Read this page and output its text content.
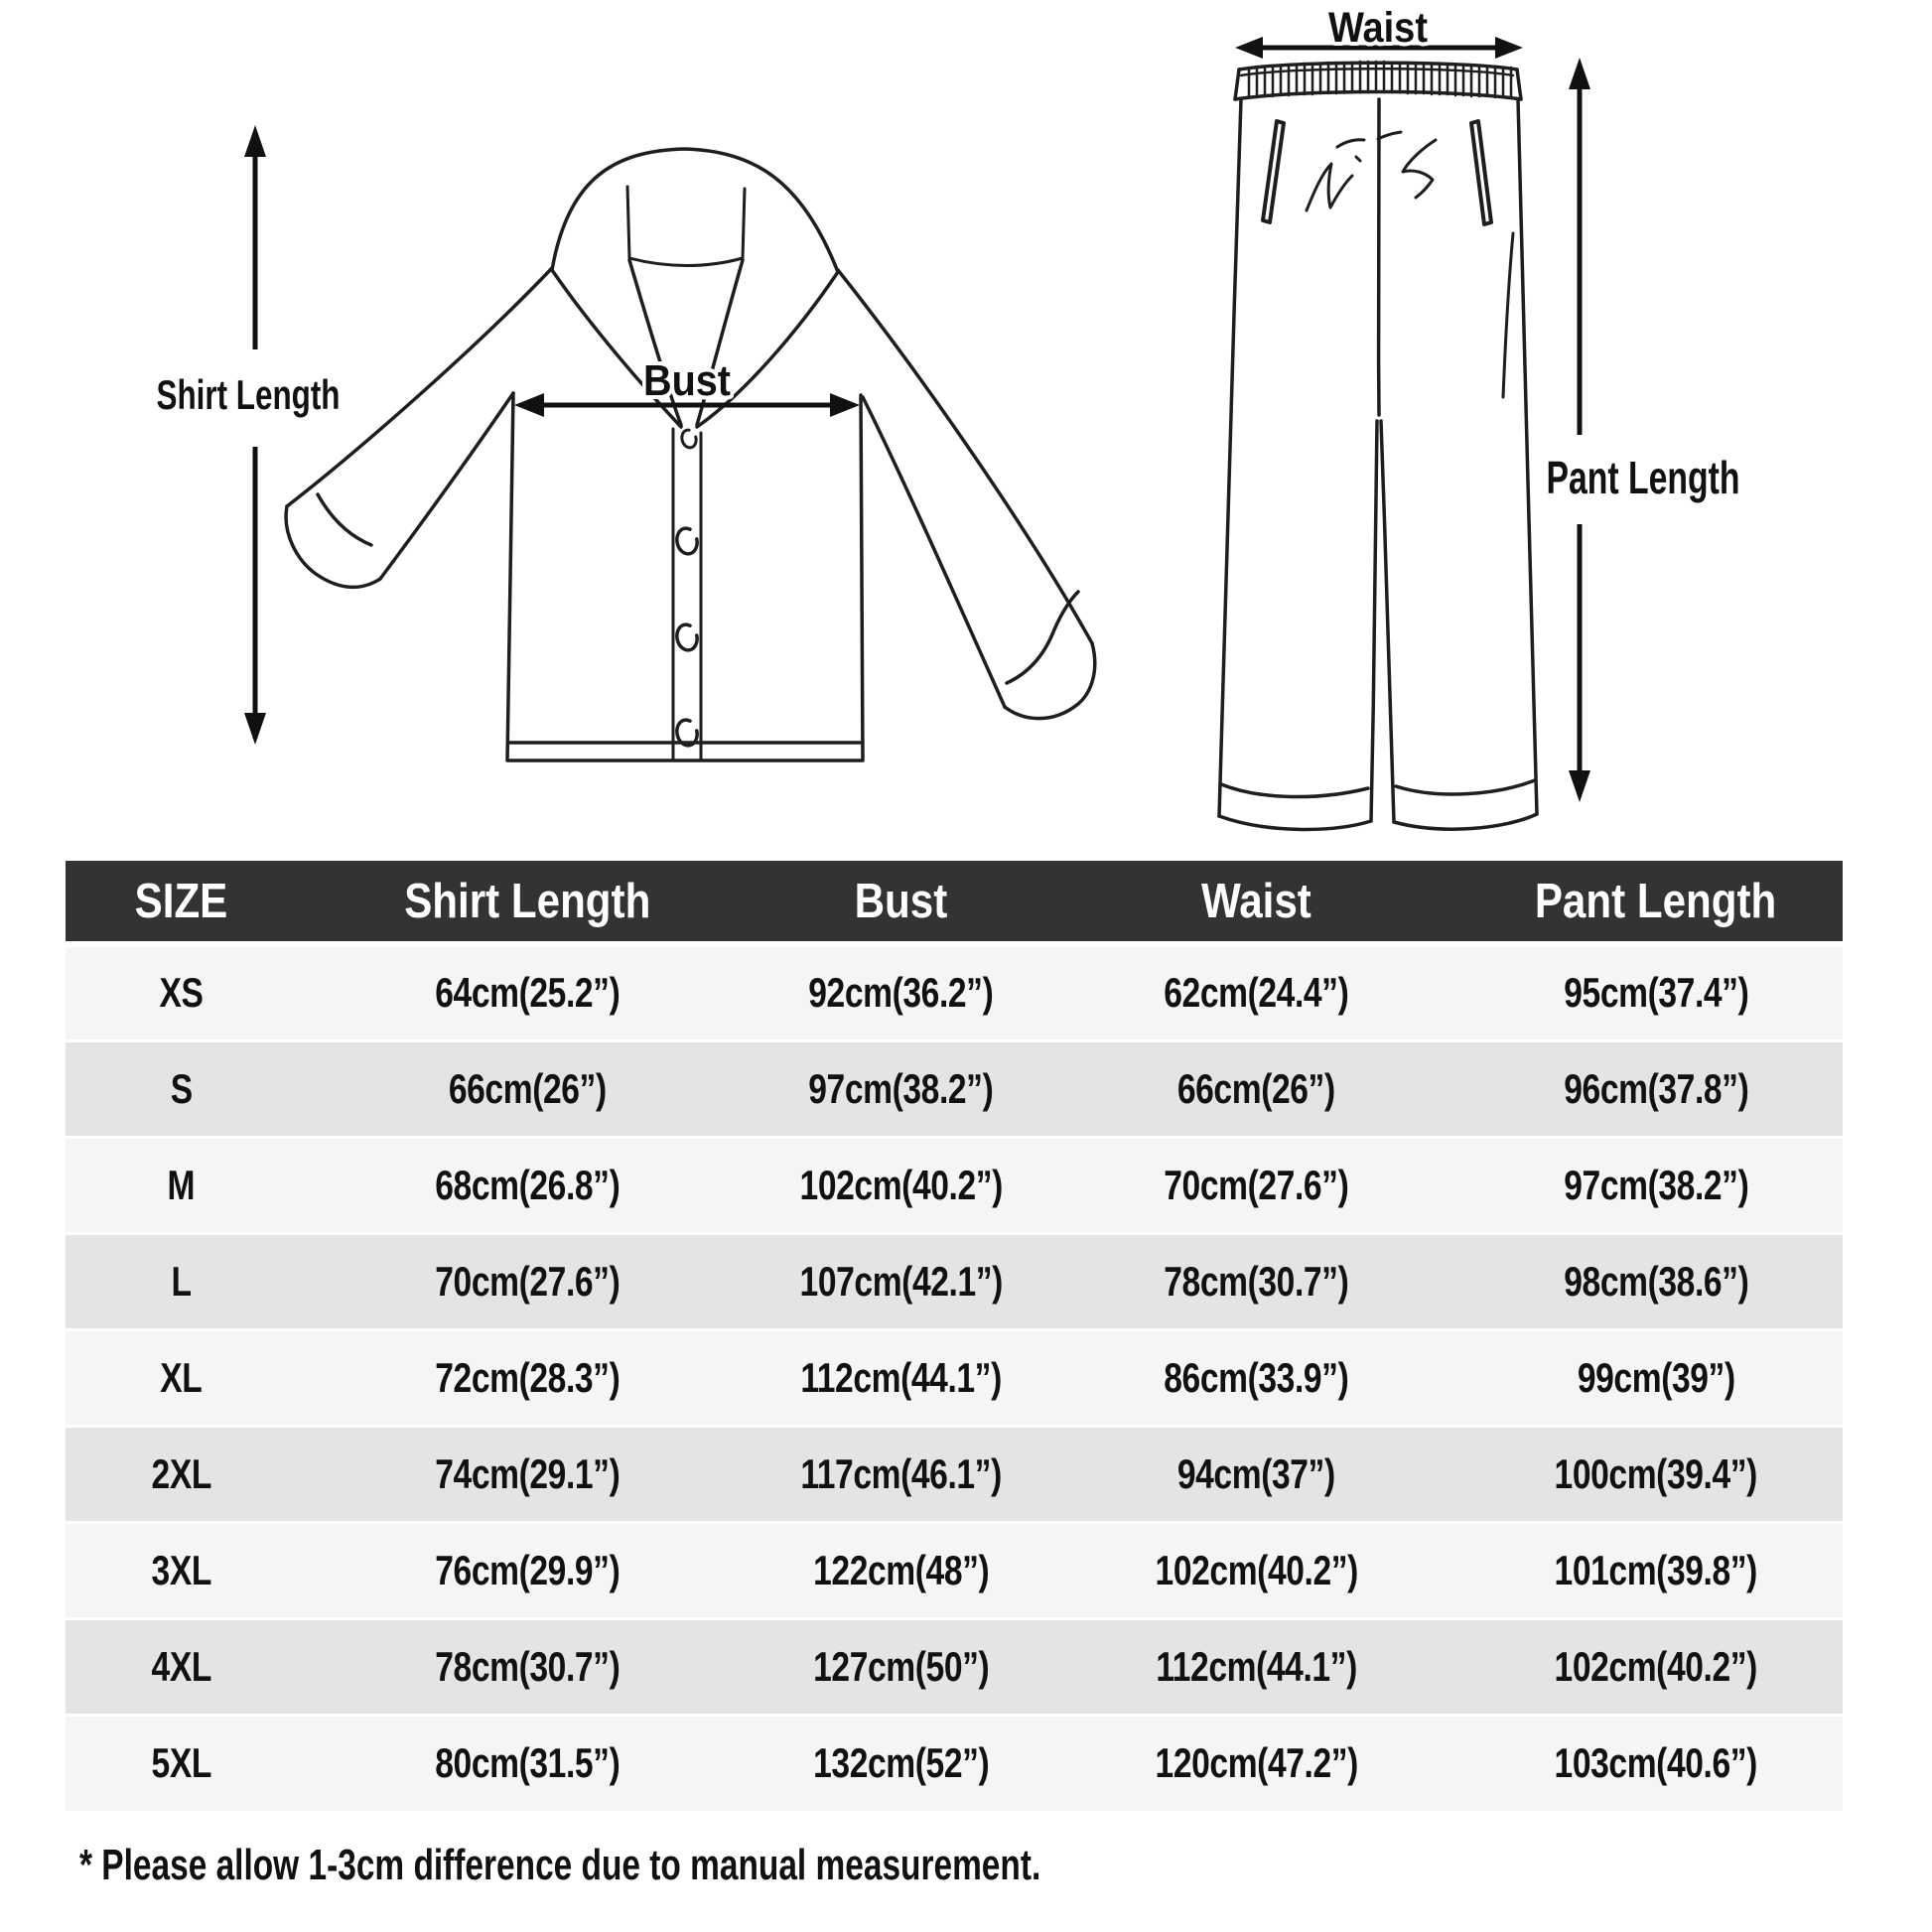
Shirt Length	Bust
Waist
Pant Length
SIZE	Shirt Length	Bust	Waist	Pant Length
XS	64cm(25.2”)	92cm(36.2”)	62cm(24.4”)	95cm(37.4”)
S	66cm(26”)	97cm(38.2”)	66cm(26”)	96cm(37.8”)
M	68cm(26.8”)	102cm(40.2”)	70cm(27.6”)	97cm(38.2”)
L	70cm(27.6”)	107cm(42.1”)	78cm(30.7”)	98cm(38.6”)
XL	72cm(28.3”)	112cm(44.1”)	86cm(33.9”)	99cm(39”)
2XL	74cm(29.1”)	117cm(46.1”)	94cm(37”)	100cm(39.4”)
3XL	76cm(29.9”)	122cm(48”)	102cm(40.2”)	101cm(39.8”)
4XL	78cm(30.7”)	127cm(50”)	112cm(44.1”)	102cm(40.2”)
5XL	80cm(31.5”)	132cm(52”)	120cm(47.2”)	103cm(40.6”)
* Please allow 1-3cm difference due to manual measurement.
